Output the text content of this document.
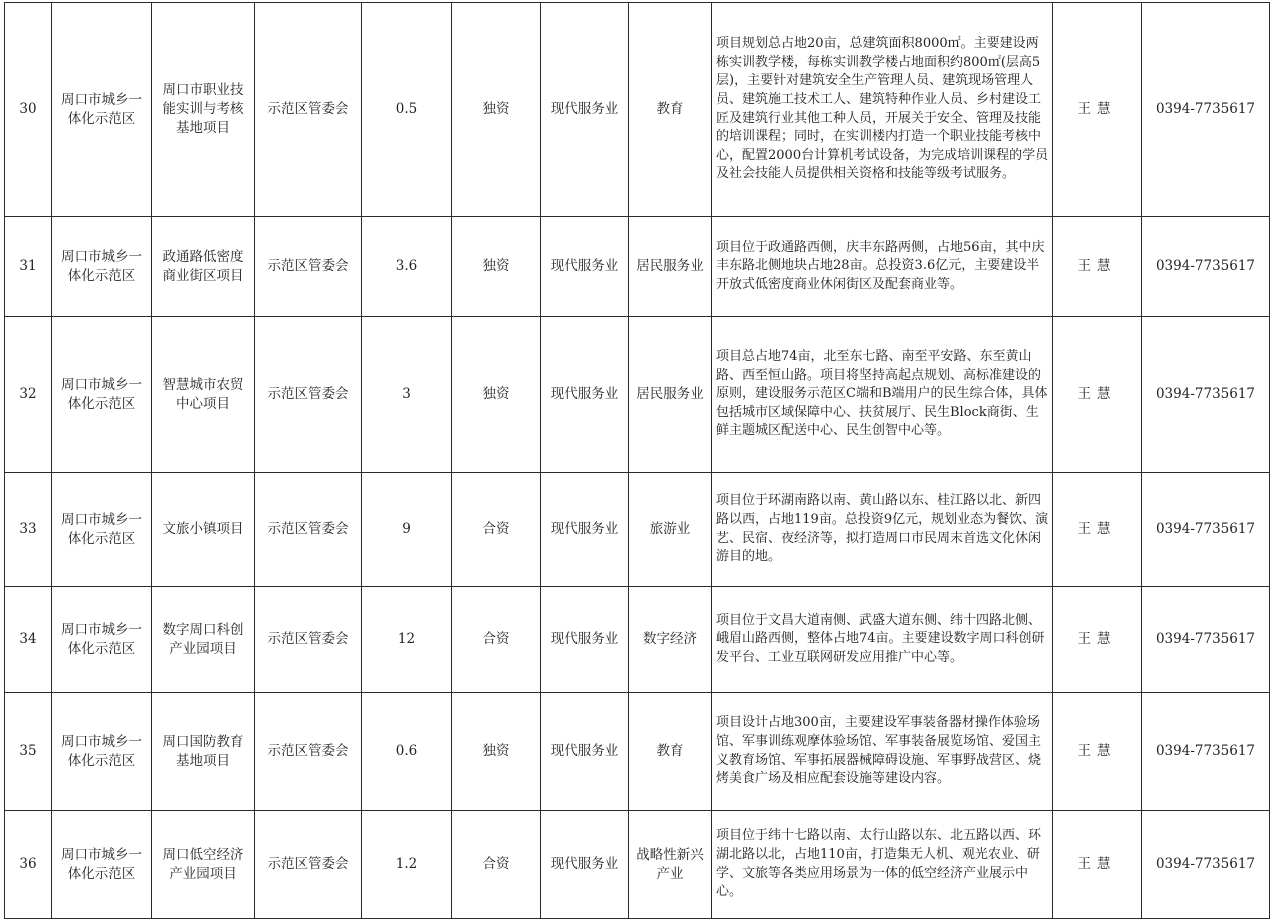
30	周口市城乡一体化示范区	周口市职业技能实训与考核基地项目	示范区管委会	0.5	独资	现代服务业	教育	项目规划总占地20亩，总建筑面积8000㎡。主要建设两栋实训教学楼，每栋实训教学楼占地面积约800㎡(层高5层)，主要针对建筑安全生产管理人员、建筑现场管理人员、建筑施工技术工人、建筑特种作业人员、乡村建设工匠及建筑行业其他工种人员，开展关于安全、管理及技能的培训课程；同时，在实训楼内打造一个职业技能考核中心，配置2000台计算机考试设备，为完成培训课程的学员及社会技能人员提供相关资格和技能等级考试服务。	王慧	0394-7735617
31	周口市城乡一体化示范区	政通路低密度商业街区项目	示范区管委会	3.6	独资	现代服务业	居民服务业	项目位于政通路西侧，庆丰东路两侧，占地56亩，其中庆丰东路北侧地块占地28亩。总投资3.6亿元，主要建设半开放式低密度商业休闲街区及配套商业等。	王慧	0394-7735617
32	周口市城乡一体化示范区	智慧城市农贸中心项目	示范区管委会	3	独资	现代服务业	居民服务业	项目总占地74亩，北至东七路、南至平安路、东至黄山路、西至恒山路。项目将坚持高起点规划、高标准建设的原则，建设服务示范区C端和B端用户的民生综合体，具体包括城市区域保障中心、扶贫展厅、民生Block商街、生鲜主题城区配送中心、民生创智中心等。	王慧	0394-7735617
33	周口市城乡一体化示范区	文旅小镇项目	示范区管委会	9	合资	现代服务业	旅游业	项目位于环湖南路以南、黄山路以东、桂江路以北、新四路以西，占地119亩。总投资9亿元，规划业态为餐饮、演艺、民宿、夜经济等，拟打造周口市民周末首选文化休闲游目的地。	王慧	0394-7735617
34	周口市城乡一体化示范区	数字周口科创产业园项目	示范区管委会	12	合资	现代服务业	数字经济	项目位于文昌大道南侧、武盛大道东侧、纬十四路北侧、峨眉山路西侧，整体占地74亩。主要建设数字周口科创研发平台、工业互联网研发应用推广中心等。	王慧	0394-7735617
35	周口市城乡一体化示范区	周口国防教育基地项目	示范区管委会	0.6	独资	现代服务业	教育	项目设计占地300亩，主要建设军事装备器材操作体验场馆、军事训练观摩体验场馆、军事装备展览场馆、爱国主义教育场馆、军事拓展器械障碍设施、军事野战营区、烧烤美食广场及相应配套设施等建设内容。	王慧	0394-7735617
36	周口市城乡一体化示范区	周口低空经济产业园项目	示范区管委会	1.2	合资	现代服务业	战略性新兴产业	项目位于纬十七路以南、太行山路以东、北五路以西、环湖北路以北，占地110亩，打造集无人机、观光农业、研学、文旅等各类应用场景为一体的低空经济产业展示中心。	王慧	0394-7735617
